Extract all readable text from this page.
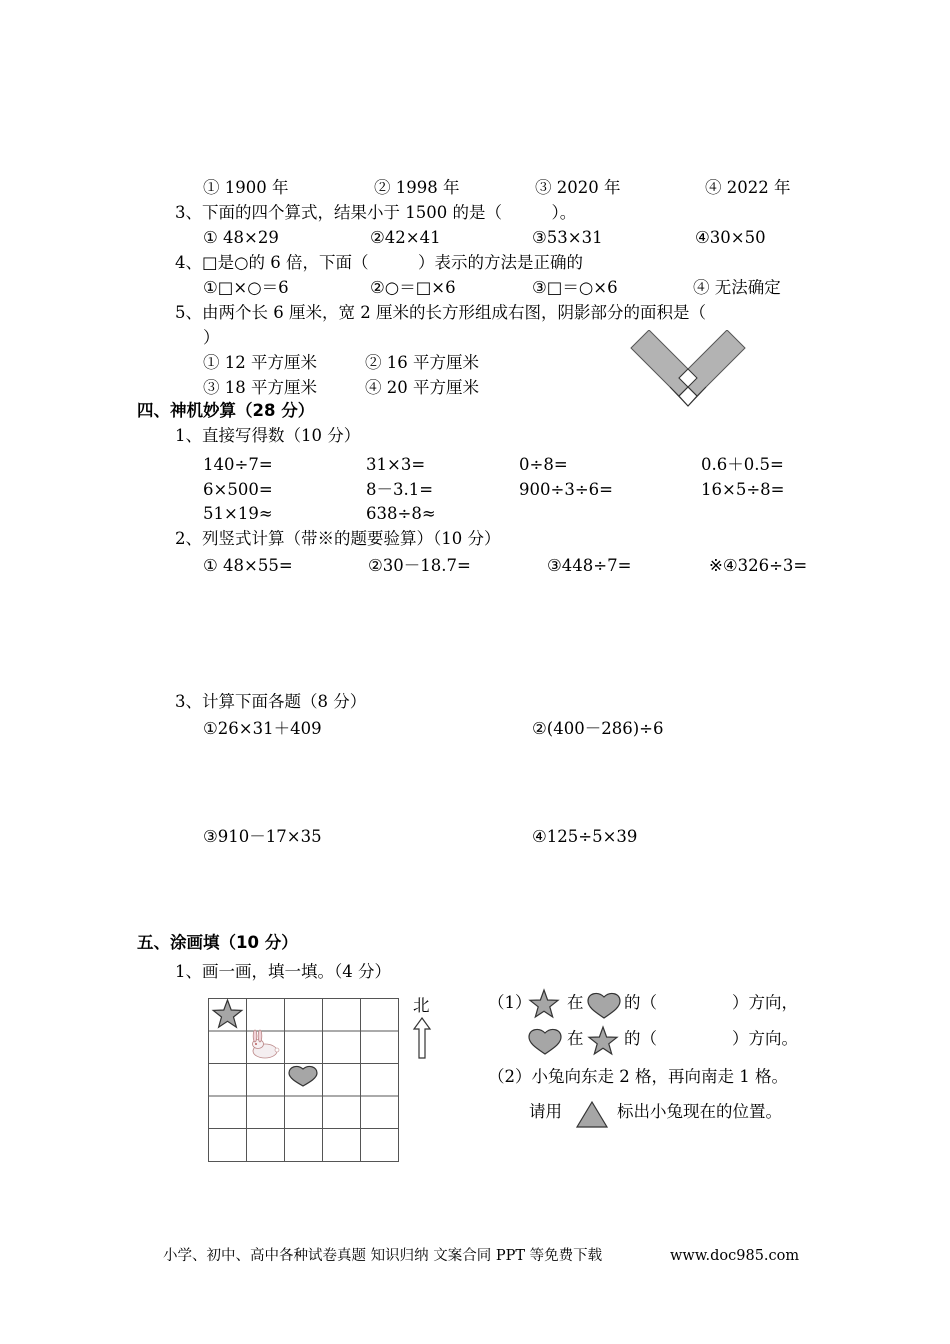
① 1900 年	② 1998 年	③ 2020 年	④ 2022 年
3、下面的四个算式，结果小于 1500 的是（　　　）。
① 48×29	②42×41	③53×31	④30×50
4、□是○的 6 倍，下面（　　　）表示的方法是正确的
①□×○＝6	②○＝□×6	③□＝○×6	④ 无法确定
5、由两个长 6 厘米，宽 2 厘米的长方形组成右图，阴影部分的面积是（
）
① 12 平方厘米	② 16 平方厘米
③ 18 平方厘米	④ 20 平方厘米
四、神机妙算（28 分）
1、直接写得数（10 分）
140÷7=	31×3=	0÷8=	0.6＋0.5=
6×500=	8－3.1=	900÷3÷6=	16×5÷8=
51×19≈	638÷8≈
2、列竖式计算（带※的题要验算）（10 分）
① 48×55=	②30－18.7=	③448÷7=	※④326÷3=
3、计算下面各题（8 分）
①26×31＋409	②(400－286)÷6
③910－17×35	④125÷5×39
五、涂画填（10 分）
1、画一画，填一填。（4 分）
北	（1） 在 的（	）方向，
在 的（	）方向。
（2）小兔向东走 2 格，再向南走 1 格。
请用	标出小兔现在的位置。
小学、初中、高中各种试卷真题 知识归纳 文案合同 PPT 等免费下载	www.doc985.com
